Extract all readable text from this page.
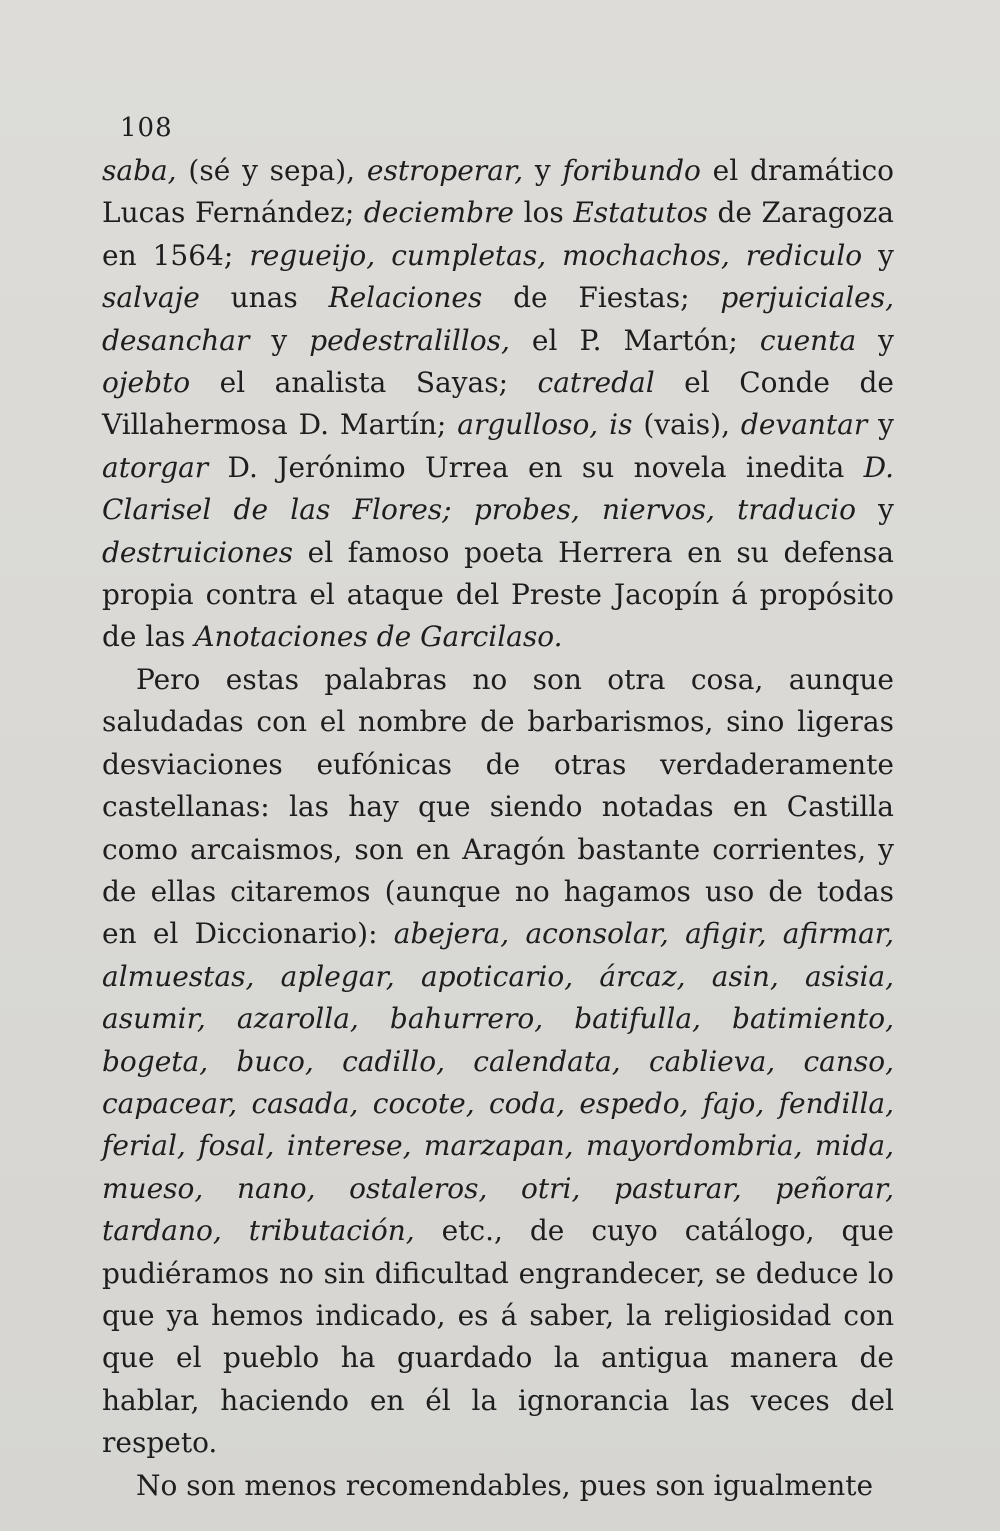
108

saba, (sé y sepa), estroperar, y foribundo el dramático Lucas Fernández; deciembre los Estatutos de Zaragoza en 1564; regueijo, cumpletas, mochachos, rediculo y salvaje unas Relaciones de Fiestas; perjuiciales, desanchar y pedestralillos, el P. Martón; cuenta y ojebto el analista Sayas; catredal el Conde de Villahermosa D. Martín; argulloso, is (vais), devantar y atorgar D. Jerónimo Urrea en su novela inedita D. Clarisel de las Flores; probes, niervos, traducio y destruiciones el famoso poeta Herrera en su defensa propia contra el ataque del Preste Jacopín á propósito de las Anotaciones de Garcilaso.

Pero estas palabras no son otra cosa, aunque saludadas con el nombre de barbarismos, sino ligeras desviaciones eufónicas de otras verdaderamente castellanas: las hay que siendo notadas en Castilla como arcaismos, son en Aragón bastante corrientes, y de ellas citaremos (aunque no hagamos uso de todas en el Diccionario): abejera, aconsolar, afigir, afirmar, almuestas, aplegar, apoticario, árcaz, asin, asisia, asumir, azarolla, bahurrero, batifulla, batimiento, bogeta, buco, cadillo, calendata, cablieva, canso, capacear, casada, cocote, coda, espedo, fajo, fendilla, ferial, fosal, interese, marzapan, mayordombria, mida, mueso, nano, ostaleros, otri, pasturar, peñorar, tardano, tributación, etc., de cuyo catálogo, que pudiéramos no sin dificultad engrandecer, se deduce lo que ya hemos indicado, es á saber, la religiosidad con que el pueblo ha guardado la antigua manera de hablar, haciendo en él la ignorancia las veces del respeto.

No son menos recomendables, pues son igualmente
